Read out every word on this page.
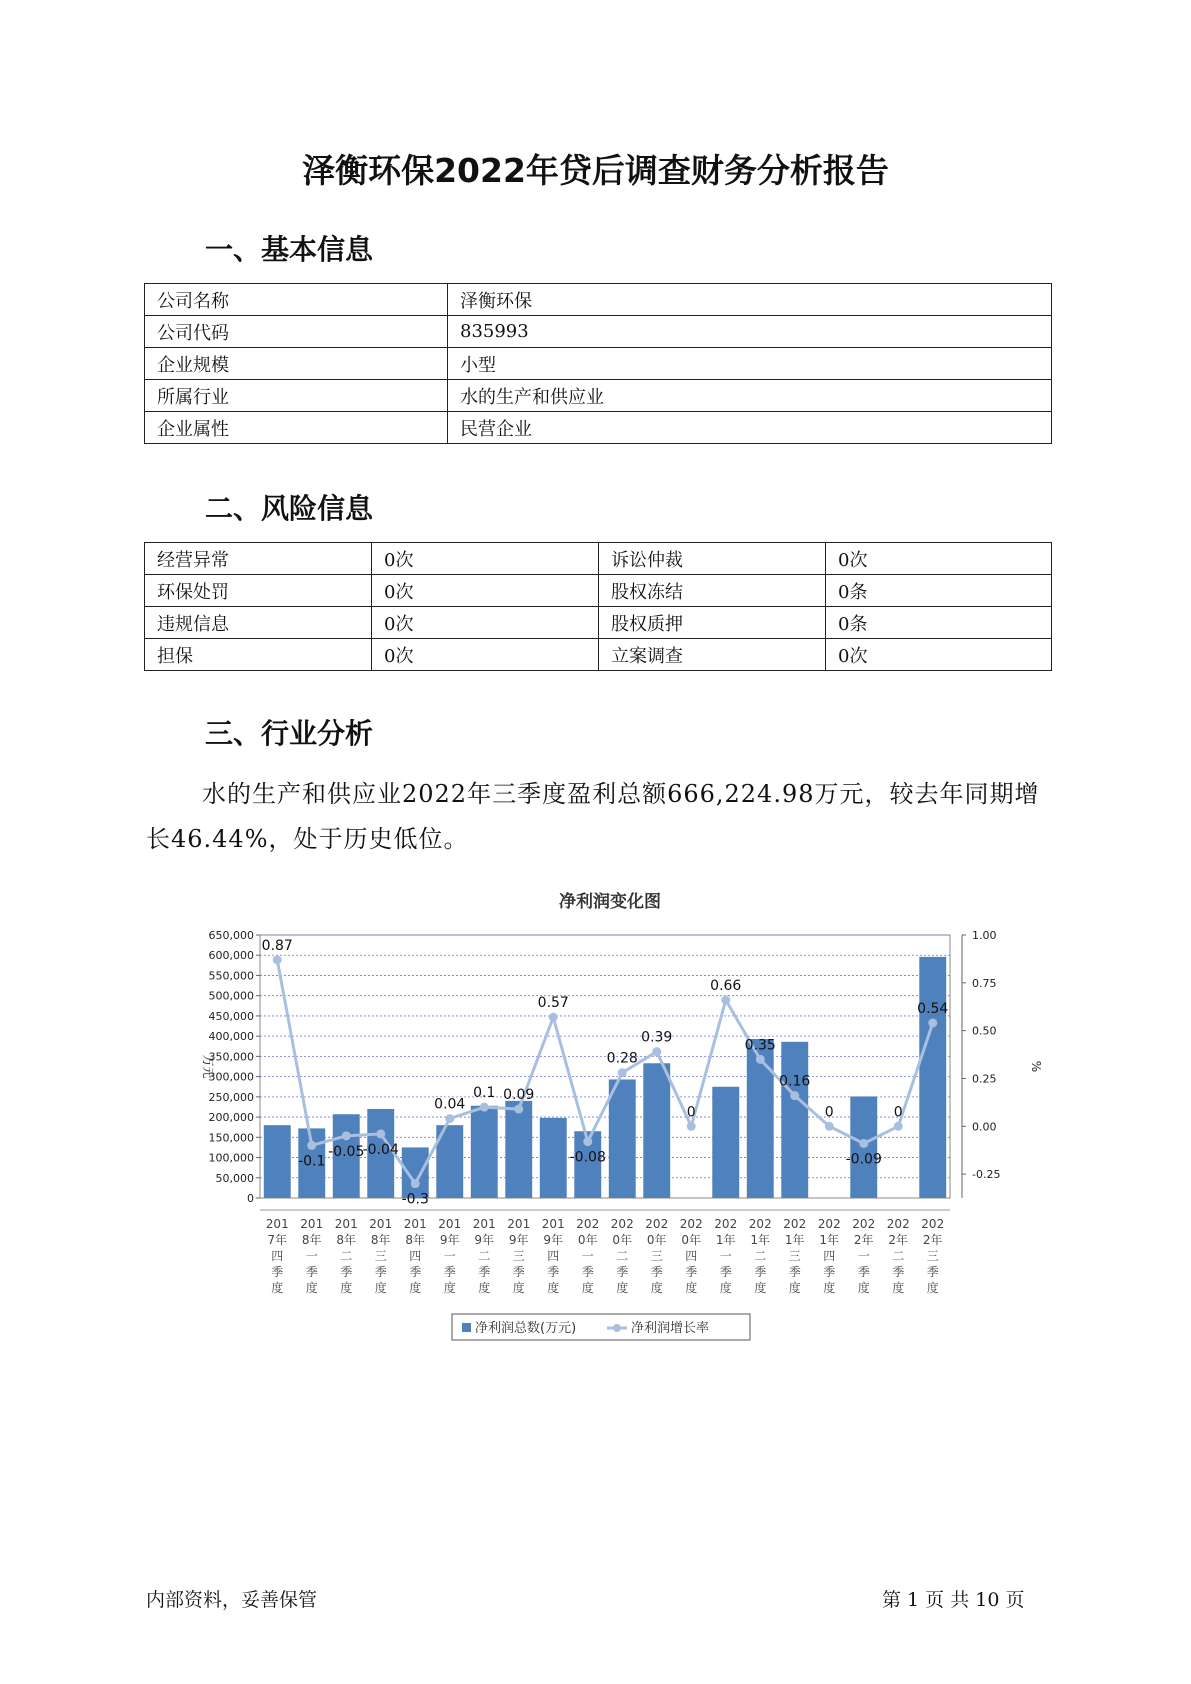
泽衡环保2022年贷后调查财务分析报告
一、基本信息
公司名称	泽衡环保
公司代码	835993
企业规模	小型
所属行业	水的生产和供应业
企业属性	民营企业
二、风险信息
经营异常	0次	诉讼仲裁	0次
环保处罚	0次	股权冻结	0条
违规信息	0次	股权质押	0条
担保	0次	立案调查	0次
三、行业分析
水的生产和供应业2022年三季度盈利总额666,224.98万元，较去年同期增长46.44%，处于历史低位。
净利润变化图
0
50,000
100,000
150,000
200,000
250,000
300,000
350,000
400,000
450,000
500,000
550,000
600,000
650,000
-0.25
0.00
0.25
0.50
0.75
1.00
万元	%
0.87
-0.1
-0.05
-0.04
-0.3
0.04
0.1 0.09
0.57
-0.08
0.28
0.39
0
0.66
0.35
0.16
0
-0.09
0
0.54
201
7年
四
季
度
201
8年
一
季
度
201
8年
二
季
度
201
8年
三
季
度
201
8年
四
季
度
201
9年
一
季
度
201
9年
二
季
度
201
9年
三
季
度
201
9年
四
季
度
202
0年
一
季
度
202
0年
二
季
度
202
0年
三
季
度
202
0年
四
季
度
202
1年
一
季
度
202
1年
二
季
度
202
1年
三
季
度
202
1年
四
季
度
202
2年
一
季
度
202
2年
二
季
度
202
2年
三
季
度
净利润总数(万元)	净利润增长率
内部资料，妥善保管	第 1 页 共 10 页
